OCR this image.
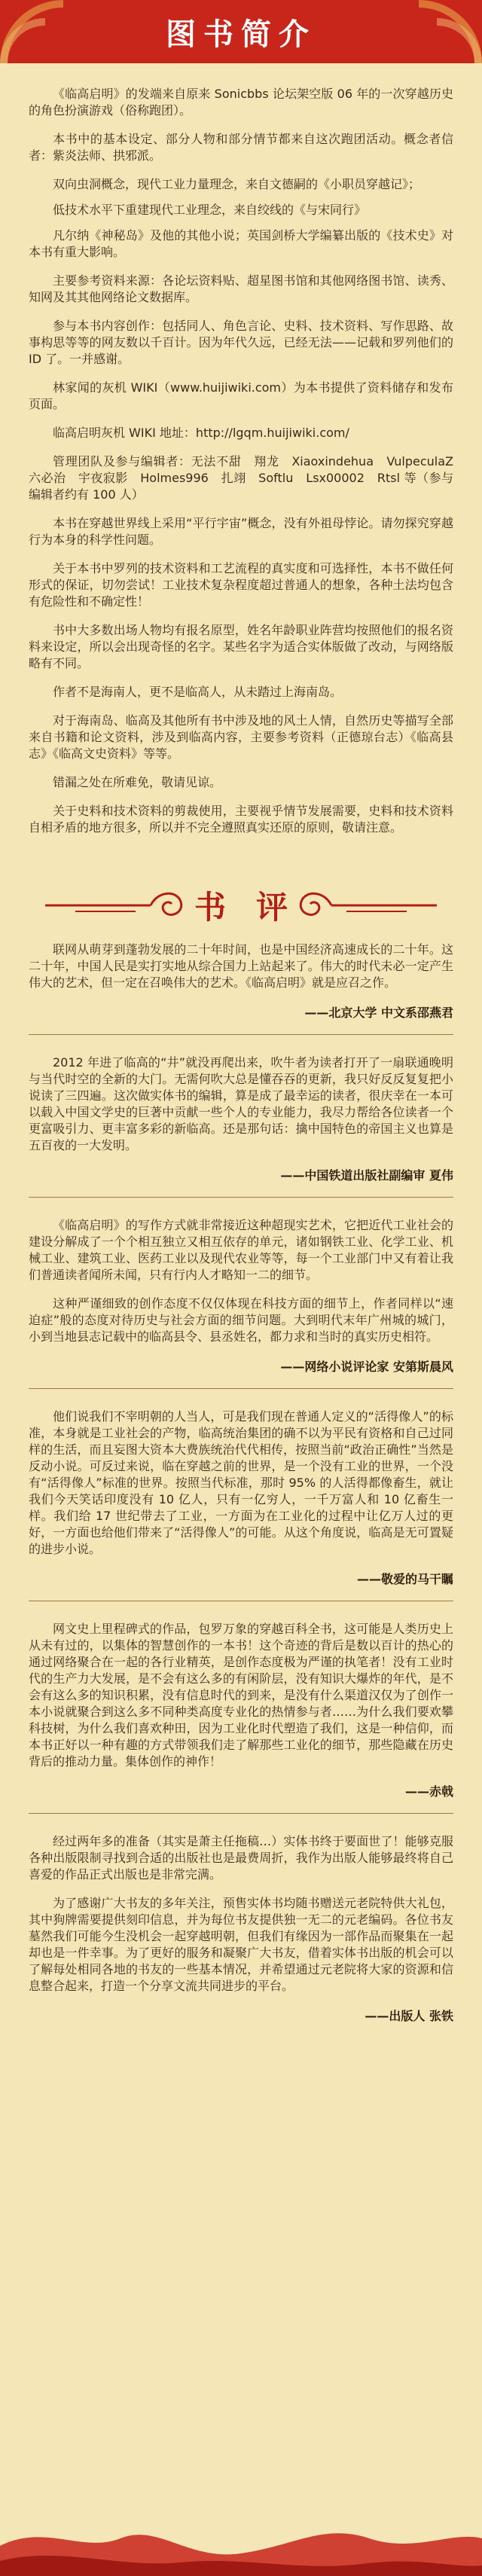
图书简介

《临高启明》的发端来自原来 Sonicbbs 论坛架空版 06 年的一次穿越历史的角色扮演游戏（俗称跑团）。

本书中的基本设定、部分人物和部分情节都来自这次跑团活动。概念者信者：紫炎法师、拱邪派。

双向虫洞概念，现代工业力量理念，来自文德嗣的《小职员穿越记》；

低技术水平下重建现代工业理念，来自绞线的《与宋同行》

凡尔纳《神秘岛》及他的其他小说；英国剑桥大学编纂出版的《技术史》对本书有重大影响。

主要参考资料来源：各论坛资料贴、超星图书馆和其他网络图书馆、读秀、知网及其其他网络论文数据库。

参与本书内容创作：包括同人、角色言论、史料、技术资料、写作思路、故事构思等等的网友数以千百计。因为年代久远，已经无法——记载和罗列他们的 ID 了。一并感谢。

林家闻的灰机 WIKI（www.huijiwiki.com）为本书提供了资料储存和发布页面。

临高启明灰机 WIKI 地址：http://lgqm.huijiwiki.com/

管理团队及参与编辑者：无法不甜　翔龙　Xiaoxindehua　VulpeculaZ　六必治　宇夜寂影　Holmes996　扎翊　Softlu　Lsx00002　Rtsl 等（参与编辑者约有 100 人）

本书在穿越世界线上采用“平行宇宙”概念，没有外祖母悖论。请勿探究穿越行为本身的科学性问题。

关于本书中罗列的技术资料和工艺流程的真实度和可选择性，本书不做任何形式的保证，切勿尝试！工业技术复杂程度超过普通人的想象，各种土法均包含有危险性和不确定性！

书中大多数出场人物均有报名原型，姓名年龄职业阵营均按照他们的报名资料来设定，所以会出现奇怪的名字。某些名字为适合实体版做了改动，与网络版略有不同。

作者不是海南人，更不是临高人，从未踏过上海南岛。

对于海南岛、临高及其他所有书中涉及地的风土人情，自然历史等描写全部来自书籍和论文资料，涉及到临高内容，主要参考资料（正德琼台志）《临高县志》《临高文史资料》等等。

错漏之处在所难免，敬请见谅。

关于史料和技术资料的剪裁使用，主要视乎情节发展需要，史料和技术资料自相矛盾的地方很多，所以并不完全遵照真实还原的原则，敬请注意。

书评

联网从萌芽到蓬勃发展的二十年时间，也是中国经济高速成长的二十年。这二十年，中国人民是实打实地从综合国力上站起来了。伟大的时代未必一定产生伟大的艺术，但一定在召唤伟大的艺术。《临高启明》就是应召之作。

——北京大学 中文系邵燕君

2012 年进了临高的“井”就没再爬出来，吹牛者为读者打开了一扇联通晚明与当代时空的全新的大门。无需何吹大总是懂吞吞的更新，我只好反反复复把小说读了三四遍。这次做实体书的编辑，算是成了最幸运的读者，很庆幸在一本可以载入中国文学史的巨著中贡献一些个人的专业能力，我尽力帮给各位读者一个更富吸引力、更丰富多彩的新临高。还是那句话：擒中国特色的帝国主义也算是五百夜的一大发明。

——中国铁道出版社副编审 夏伟

《临高启明》的写作方式就非常接近这种超现实艺术，它把近代工业社会的建设分解成了一个个相互独立又相互依存的单元，诸如钢铁工业、化学工业、机械工业、建筑工业、医药工业以及现代农业等等，每一个工业部门中又有着让我们普通读者闻所未闻，只有行内人才略知一二的细节。

这种严谨细致的创作态度不仅仅体现在科技方面的细节上，作者同样以“速迫症”般的态度对待历史与社会方面的细节问题。大到明代末年广州城的城门，小到当地县志记载中的临高县令、县丞姓名，都力求和当时的真实历史相符。

——网络小说评论家 安第斯晨风

他们说我们不宰明朝的人当人，可是我们现在普通人定义的“活得像人”的标准，本身就是工业社会的产物，临高统治集团的确不以为平民有资格和自己过同样的生活，而且妄图大资本大费族统治代代相传，按照当前“政治正确性”当然是反动小说。可反过来说，临在穿越之前的世界，是一个没有工业的世界，一个没有“活得像人”标准的世界。按照当代标准，那时 95% 的人活得都像畜生，就让我们今天笑话印度没有 10 亿人，只有一亿穷人，一千万富人和 10 亿畜生一样。我们给 17 世纪带去了工业，一方面为在工业化的过程中让亿万人过的更好，一方面也给他们带来了“活得像人”的可能。从这个角度说，临高是无可置疑的进步小说。

——敬爱的马干瞩

网文史上里程碑式的作品，包罗万象的穿越百科全书，这可能是人类历史上从未有过的，以集体的智慧创作的一本书！这个奇迹的背后是数以百计的热心的通过网络聚合在一起的各行业精英，是创作态度极为严谨的执笔者！没有工业时代的生产力大发展，是不会有这么多的有闲阶层，没有知识大爆炸的年代，是不会有这么多的知识积累，没有信息时代的到来，是没有什么渠道汉仅为了创作一本小说就聚合到这么多不同种类高度专业化的热情参与者……为什么我们要欢攀科技树，为什么我们喜欢种田，因为工业化时代塑造了我们，这是一种信仰，而本书正好以一种有趣的方式带领我们走了解那些工业化的细节，那些隐藏在历史背后的推动力量。集体创作的神作！

——赤戟

经过两年多的准备（其实是萧主任拖稿…）实体书终于要面世了！能够克服各种出版限制寻找到合适的出版社也是最费周折，我作为出版人能够最终将自己喜爱的作品正式出版也是非常完满。

为了感谢广大书友的多年关注，预售实体书均随书赠送元老院特供大礼包，其中狗牌需要提供刻印信息，并为每位书友提供独一无二的元老编码。各位书友墓然我们可能今生没机会一起穿越明朝，但我们有缘因为一部作品而聚集在一起却也是一件幸事。为了更好的服务和凝聚广大书友，借着实体书出版的机会可以了解每处相同各地的书友的一些基本情况，并希望通过元老院将大家的资源和信息整合起来，打造一个分享文流共同进步的平台。

——出版人 张铁
